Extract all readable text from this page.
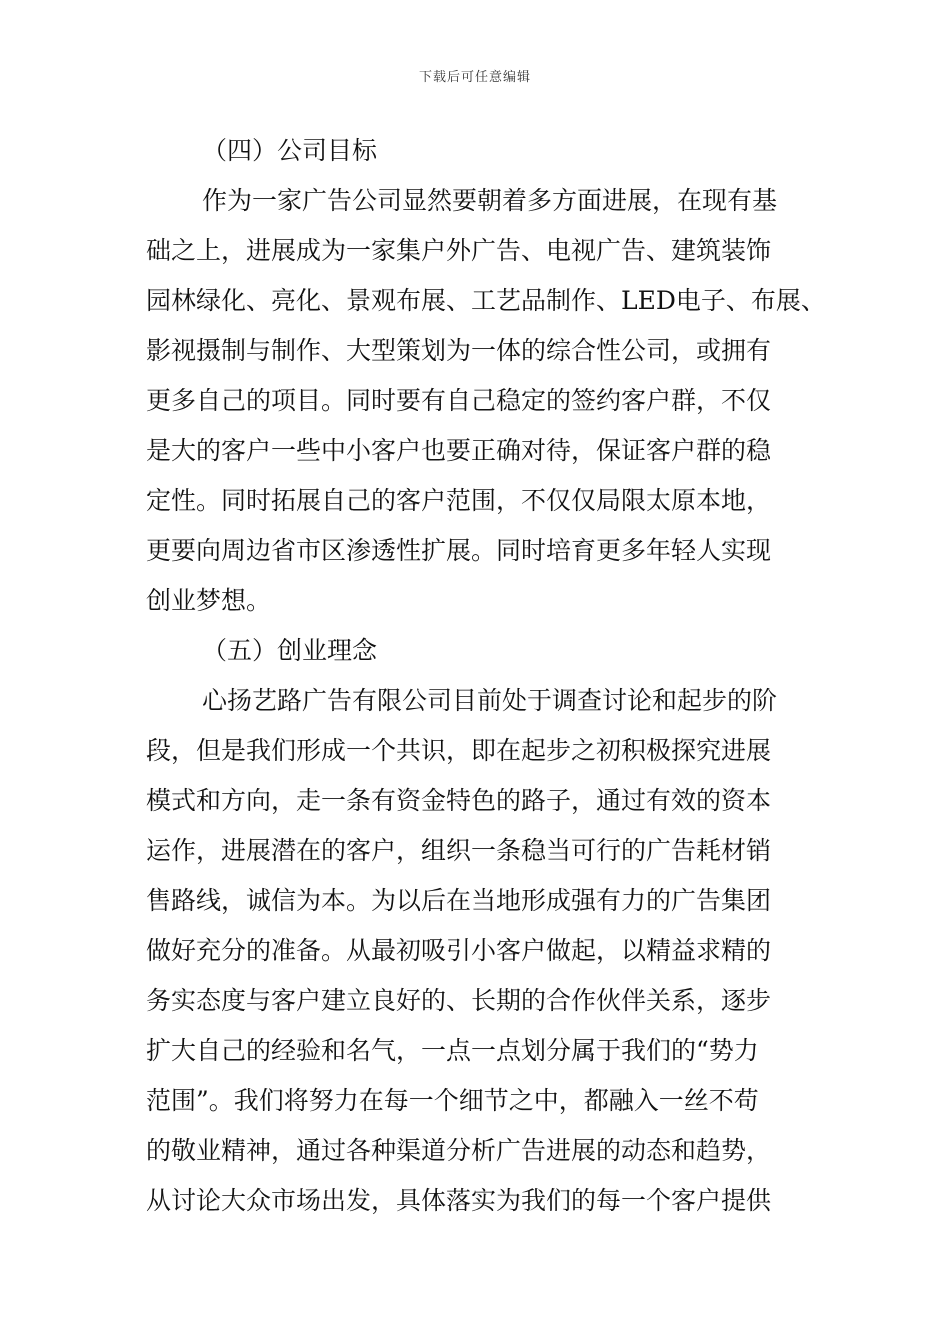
下载后可任意编辑
（四）公司目标
作为一家广告公司显然要朝着多方面进展，在现有基
础之上，进展成为一家集户外广告、电视广告、建筑装饰
园林绿化、亮化、景观布展、工艺品制作、LED电子、布展、
影视摄制与制作、大型策划为一体的综合性公司，或拥有
更多自己的项目。同时要有自己稳定的签约客户群，不仅
是大的客户一些中小客户也要正确对待，保证客户群的稳
定性。同时拓展自己的客户范围，不仅仅局限太原本地，
更要向周边省市区渗透性扩展。同时培育更多年轻人实现
创业梦想。
（五）创业理念
心扬艺路广告有限公司目前处于调查讨论和起步的阶
段，但是我们形成一个共识，即在起步之初积极探究进展
模式和方向，走一条有资金特色的路子，通过有效的资本
运作，进展潜在的客户，组织一条稳当可行的广告耗材销
售路线，诚信为本。为以后在当地形成强有力的广告集团
做好充分的准备。从最初吸引小客户做起，以精益求精的
务实态度与客户建立良好的、长期的合作伙伴关系，逐步
扩大自己的经验和名气，一点一点划分属于我们的“势力
范围”。我们将努力在每一个细节之中，都融入一丝不苟
的敬业精神，通过各种渠道分析广告进展的动态和趋势，
从讨论大众市场出发，具体落实为我们的每一个客户提供
